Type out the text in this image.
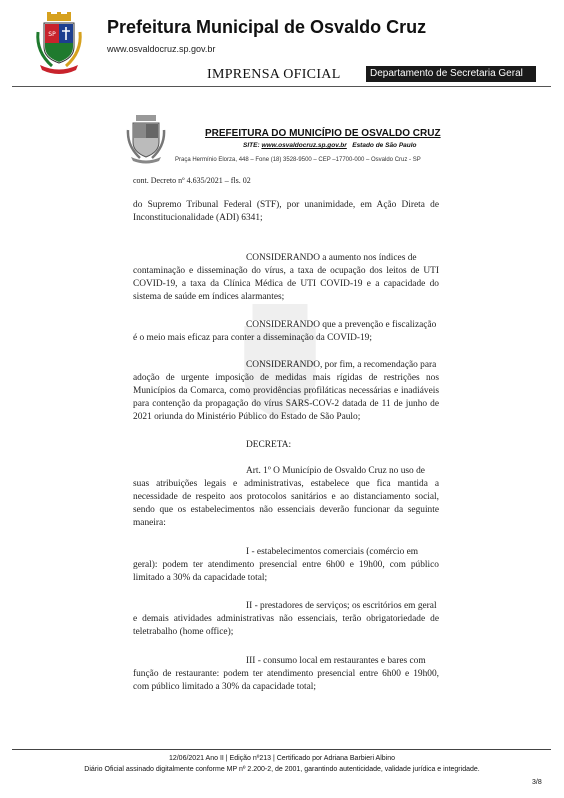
SP	Prefeitura Municipal de Osvaldo Cruz
www.osvaldocruz.sp.gov.br
IMPRENSA OFICIAL	Departamento de Secretaria Geral
PREFEITURA DO MUNICÍPIO DE OSVALDO CRUZ
SITE: www.osvaldocruz.sp.gov.br Estado de São Paulo
Praça Hermínio Elorza, 448 – Fone (18) 3528-9500 – CEP –17700-000 – Osvaldo Cruz - SP
cont. Decreto nº 4.635/2021 – fls. 02
do Supremo Tribunal Federal (STF), por unanimidade, em Ação Direta de Inconstitucionalidade (ADI) 6341;
CONSIDERANDO a aumento nos índices de
contaminação e disseminação do vírus, a taxa de ocupação dos leitos de UTI COVID-19, a taxa da Clínica Médica de UTI COVID-19 e a capacidade do sistema de saúde em índices alarmantes;
CONSIDERANDO que a prevenção e fiscalização
é o meio mais eficaz para conter a disseminação da COVID-19;
CONSIDERANDO, por fim, a recomendação para
adoção de urgente imposição de medidas mais rígidas de restrições nos Municípios da Comarca, como providências profiláticas necessárias e inadiáveis para contenção da propagação do vírus SARS-COV-2 datada de 11 de junho de 2021 oriunda do Ministério Público do Estado de São Paulo;
DECRETA:
Art. 1º O Município de Osvaldo Cruz no uso de
suas atribuições legais e administrativas, estabelece que fica mantida a necessidade de respeito aos protocolos sanitários e ao distanciamento social, sendo que os estabelecimentos não essenciais deverão funcionar da seguinte maneira:
I - estabelecimentos comerciais (comércio em
geral): podem ter atendimento presencial entre 6h00 e 19h00, com público limitado a 30% da capacidade total;
II - prestadores de serviços; os escritórios em geral
e demais atividades administrativas não essenciais, terão obrigatoriedade de teletrabalho (home office);
III - consumo local em restaurantes e bares com
função de restaurante: podem ter atendimento presencial entre 6h00 e 19h00, com público limitado a 30% da capacidade total;
12/06/2021 Ano II | Edição nº213 | Certificado por Adriana Barbieri Albino
Diário Oficial assinado digitalmente conforme MP nº 2.200-2, de 2001, garantindo autenticidade, validade jurídica e integridade.
3/8
